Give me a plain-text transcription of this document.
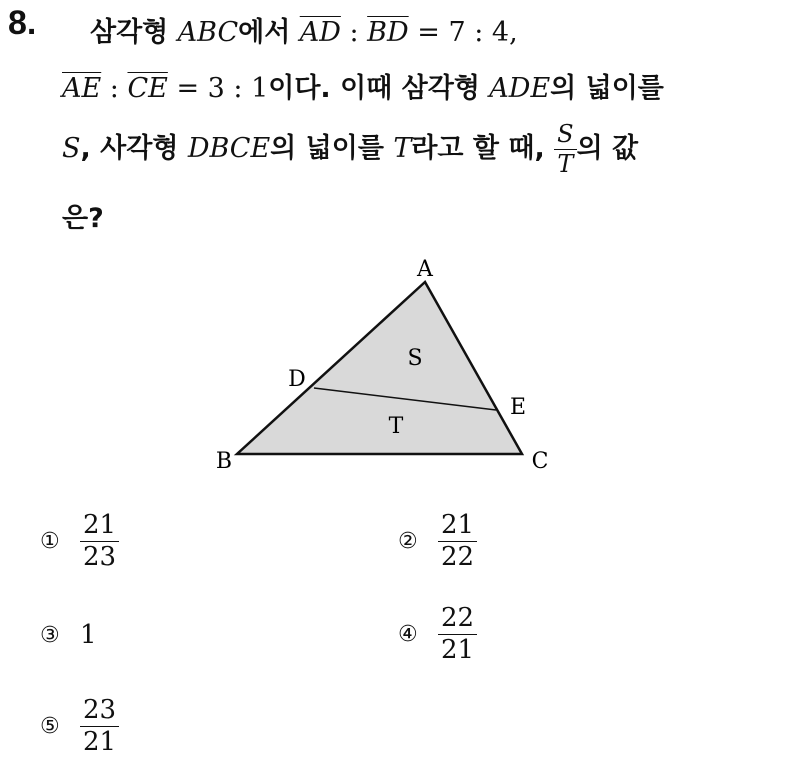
8. 삼각형 ABC에서 $\overline{AD}$ : $\overline{BD} = 7$ : 4,
$\overline{AE}$ : $\overline{CE} = 3$ : 1이다. 이때 삼각형 ADE의 넓이를
S, 사각형 DBCE의 넓이를 T라고 할 때, $\frac{S}{T}$ 의 값
은?
A
B	C
D
E
S
T
① $\frac{21}{23}$	② $\frac{21}{22}$
③ 1	④ $\frac{22}{21}$
⑤ $\frac{23}{21}$
